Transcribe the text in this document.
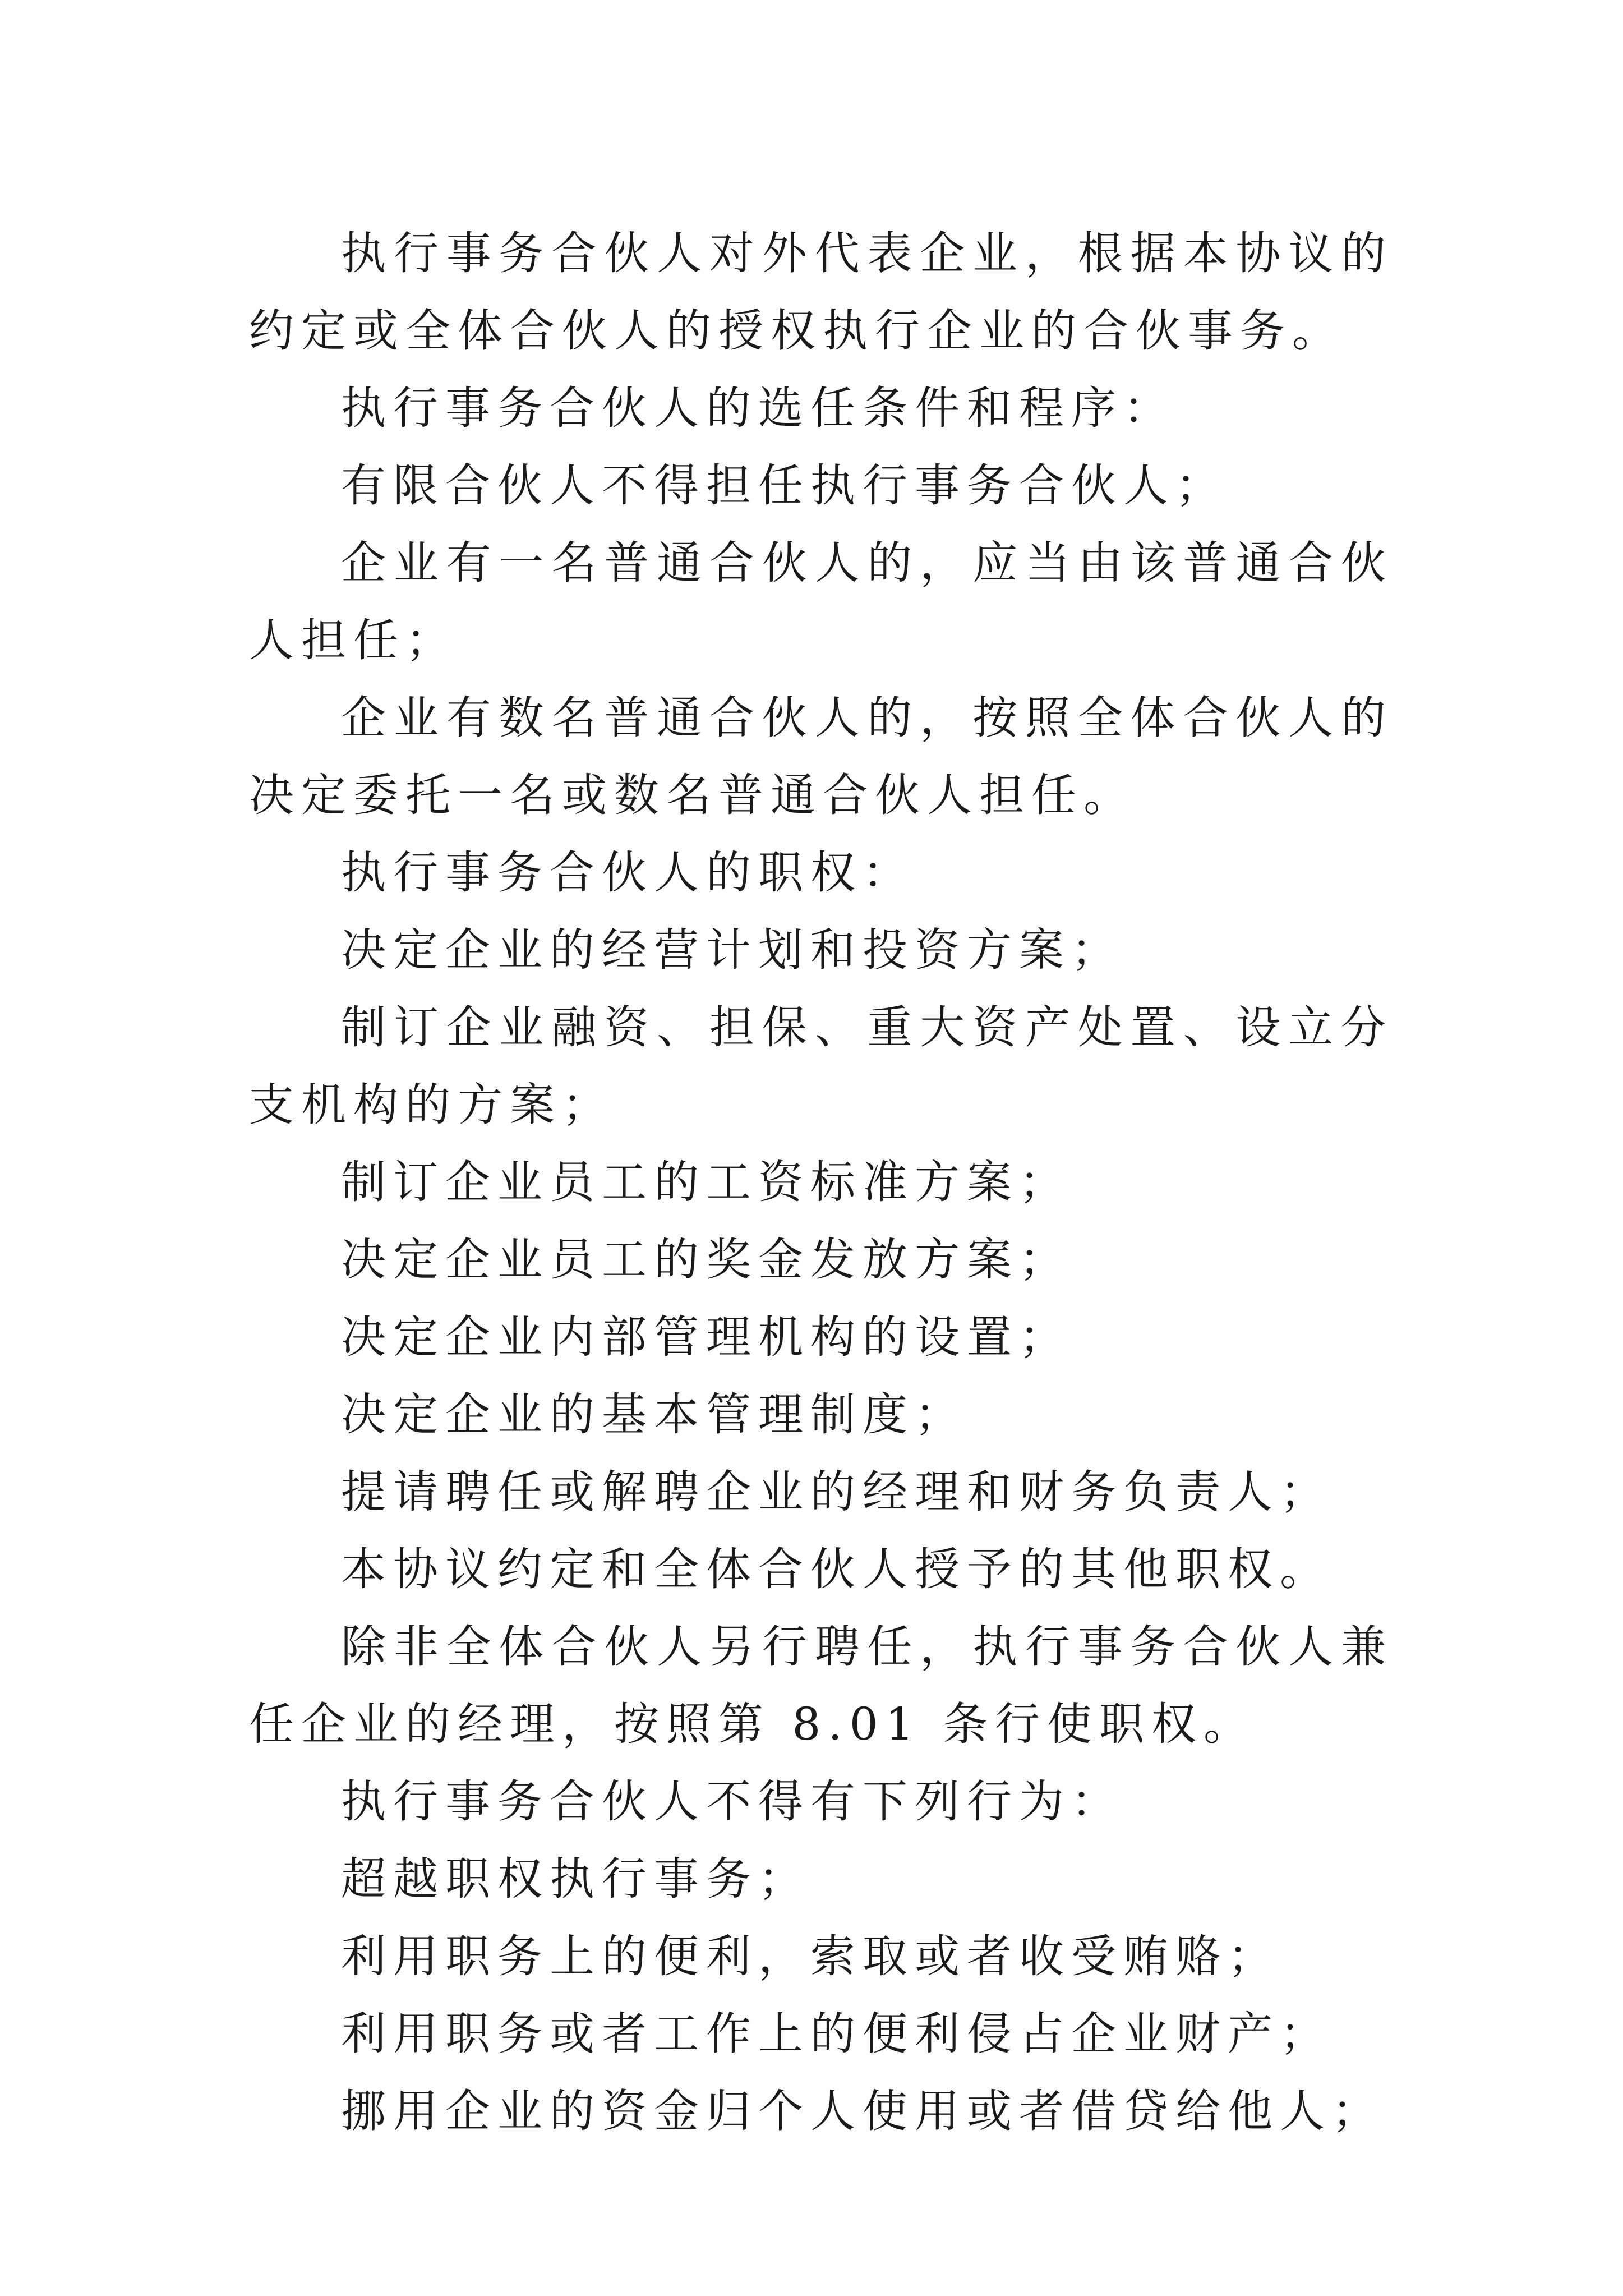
执行事务合伙人对外代表企业，根据本协议的约定或全体合伙人的授权执行企业的合伙事务。

执行事务合伙人的选任条件和程序：

有限合伙人不得担任执行事务合伙人；

企业有一名普通合伙人的，应当由该普通合伙人担任；

企业有数名普通合伙人的，按照全体合伙人的决定委托一名或数名普通合伙人担任。

执行事务合伙人的职权：

决定企业的经营计划和投资方案；

制订企业融资、担保、重大资产处置、设立分支机构的方案；

制订企业员工的工资标准方案；

决定企业员工的奖金发放方案；

决定企业内部管理机构的设置；

决定企业的基本管理制度；

提请聘任或解聘企业的经理和财务负责人；

本协议约定和全体合伙人授予的其他职权。

除非全体合伙人另行聘任，执行事务合伙人兼任企业的经理，按照第 8.01 条行使职权。

执行事务合伙人不得有下列行为：

超越职权执行事务；

利用职务上的便利，索取或者收受贿赂；

利用职务或者工作上的便利侵占企业财产；

挪用企业的资金归个人使用或者借贷给他人；
